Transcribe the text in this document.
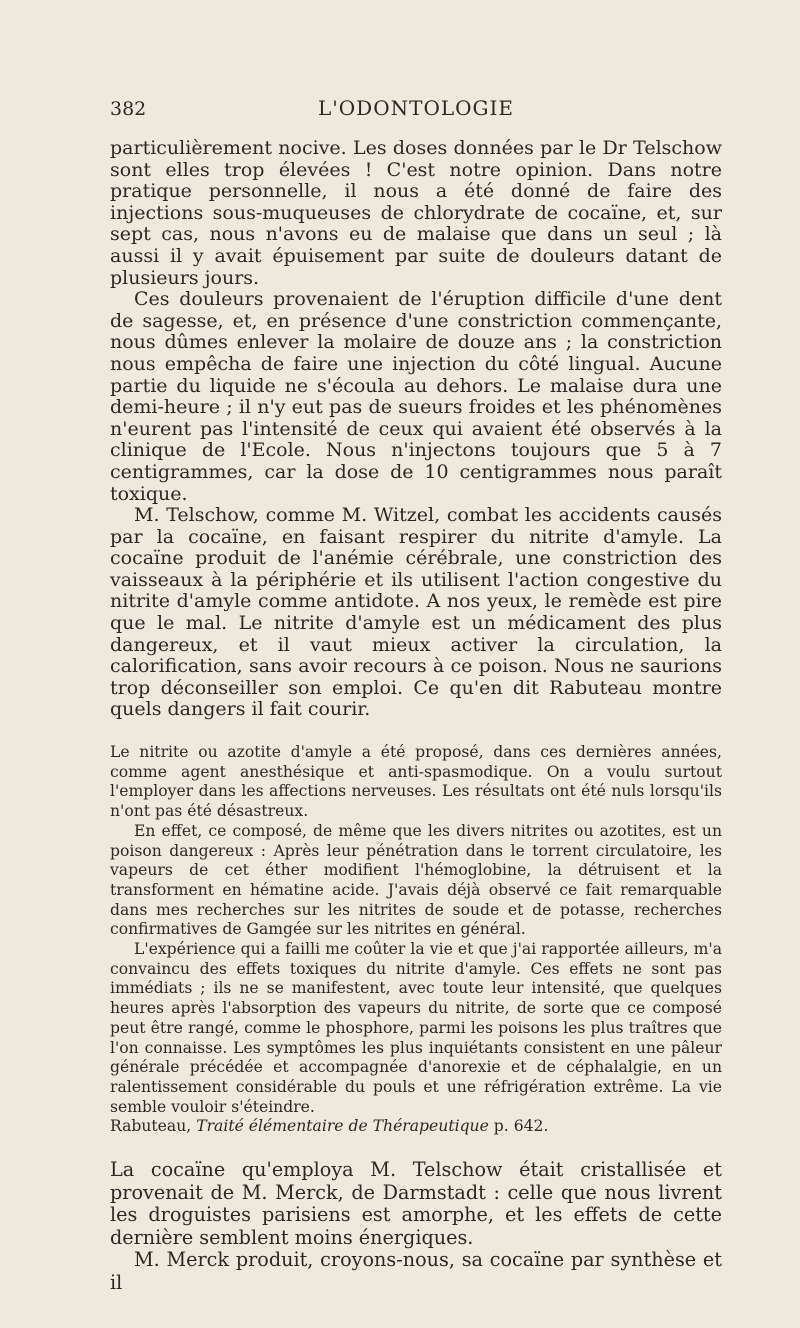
382	L'ODONTOLOGIE

particulièrement nocive. Les doses données par le Dr Telschow sont elles trop élevées ! C'est notre opinion. Dans notre pratique personnelle, il nous a été donné de faire des injections sous-muqueuses de chlorydrate de cocaïne, et, sur sept cas, nous n'avons eu de malaise que dans un seul ; là aussi il y avait épuisement par suite de douleurs datant de plusieurs jours.

Ces douleurs provenaient de l'éruption difficile d'une dent de sagesse, et, en présence d'une constriction commençante, nous dûmes enlever la molaire de douze ans ; la constriction nous empêcha de faire une injection du côté lingual. Aucune partie du liquide ne s'écoula au dehors. Le malaise dura une demi-heure ; il n'y eut pas de sueurs froides et les phénomènes n'eurent pas l'intensité de ceux qui avaient été observés à la clinique de l'Ecole. Nous n'injectons toujours que 5 à 7 centigrammes, car la dose de 10 centigrammes nous paraît toxique.

M. Telschow, comme M. Witzel, combat les accidents causés par la cocaïne, en faisant respirer du nitrite d'amyle. La cocaïne produit de l'anémie cérébrale, une constriction des vaisseaux à la périphérie et ils utilisent l'action congestive du nitrite d'amyle comme antidote. A nos yeux, le remède est pire que le mal. Le nitrite d'amyle est un médicament des plus dangereux, et il vaut mieux activer la circulation, la calorification, sans avoir recours à ce poison. Nous ne saurions trop déconseiller son emploi. Ce qu'en dit Rabuteau montre quels dangers il fait courir.

Le nitrite ou azotite d'amyle a été proposé, dans ces dernières années, comme agent anesthésique et anti-spasmodique. On a voulu surtout l'employer dans les affections nerveuses. Les résultats ont été nuls lorsqu'ils n'ont pas été désastreux.

En effet, ce composé, de même que les divers nitrites ou azotites, est un poison dangereux : Après leur pénétration dans le torrent circulatoire, les vapeurs de cet éther modifient l'hémoglobine, la détruisent et la transforment en hématine acide. J'avais déjà observé ce fait remarquable dans mes recherches sur les nitrites de soude et de potasse, recherches confirmatives de Gamgée sur les nitrites en général.

L'expérience qui a failli me coûter la vie et que j'ai rapportée ailleurs, m'a convaincu des effets toxiques du nitrite d'amyle. Ces effets ne sont pas immédiats ; ils ne se manifestent, avec toute leur intensité, que quelques heures après l'absorption des vapeurs du nitrite, de sorte que ce composé peut être rangé, comme le phosphore, parmi les poisons les plus traîtres que l'on connaisse. Les symptômes les plus inquiétants consistent en une pâleur générale précédée et accompagnée d'anorexie et de céphalalgie, en un ralentissement considérable du pouls et une réfrigération extrême. La vie semble vouloir s'éteindre.

Rabuteau, Traité élémentaire de Thérapeutique p. 642.

La cocaïne qu'employa M. Telschow était cristallisée et provenait de M. Merck, de Darmstadt : celle que nous livrent les droguistes parisiens est amorphe, et les effets de cette dernière semblent moins énergiques.

M. Merck produit, croyons-nous, sa cocaïne par synthèse et il
